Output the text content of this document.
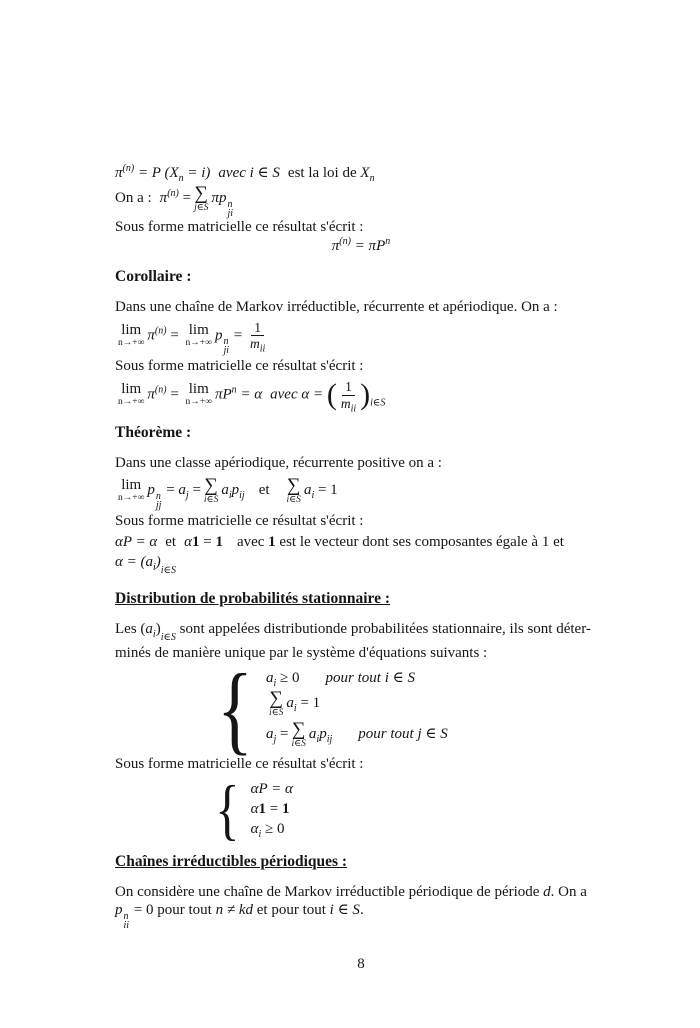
$\pi^{(n)} = P$ $(X_n = i)$ avec i ∈ S est la loi de $X_n$
On a : $\pi^{(n)}$ = ∑
j∈S
πp n
ji
Sous forme matricielle ce résultat s'écrit :
$\pi^{(n)} = \pi P^n$
Corollaire :
Dans une chaîne de Markov irréductible, récurrente et apériodique. On a :
lim
n→+∞ $\pi^{(n)} = \lim$
n→+∞ p n
ji
= $\frac{1}{m_{ii}}$
Sous forme matricielle ce résultat s'écrit :
lim
n→+∞ $\pi^{(n)} = \lim$
n→+∞ $\pi P^n = \alpha$ avec α = ( $\frac{1}{m_{ii}} )_{i\in S}$
Théorème :
Dans une classe apériodique, récurrente positive on a :
lim
n→+∞ p n
jj
= $a_j$ = ∑
i∈S
$a_ip_{ij}$ et ∑
i∈S
$a_i = 1$
Sous forme matricielle ce résultat s'écrit :
αP = α et α1 = 1 avec 1 est le vecteur dont ses composantes égale à 1 et
$\alpha = (a_i)_{i\in S}$
Distribution de probabilités stationnaire :
Les $(a_i)_{i\in S}$ sont appelées distributionde probabilitées stationnaire, ils sont déter-
minés de manière unique par le système d'équations suivants :
{ $a_i \ge 0$ pour tout i ∈ S
∑
i∈S
$a_i = 1$
$a_j$ = ∑
i∈S
$a_ip_{ij}$ pour tout j ∈ S
Sous forme matricielle ce résultat s'écrit :
{ αP = α
α1 = 1
$\alpha_i \ge 0$
Chaînes irréductibles périodiques :
On considère une chaîne de Markov irréductible périodique de période d. On a
p n
ii
= 0 pour tout n ≠ kd et pour tout i ∈ S.
8
